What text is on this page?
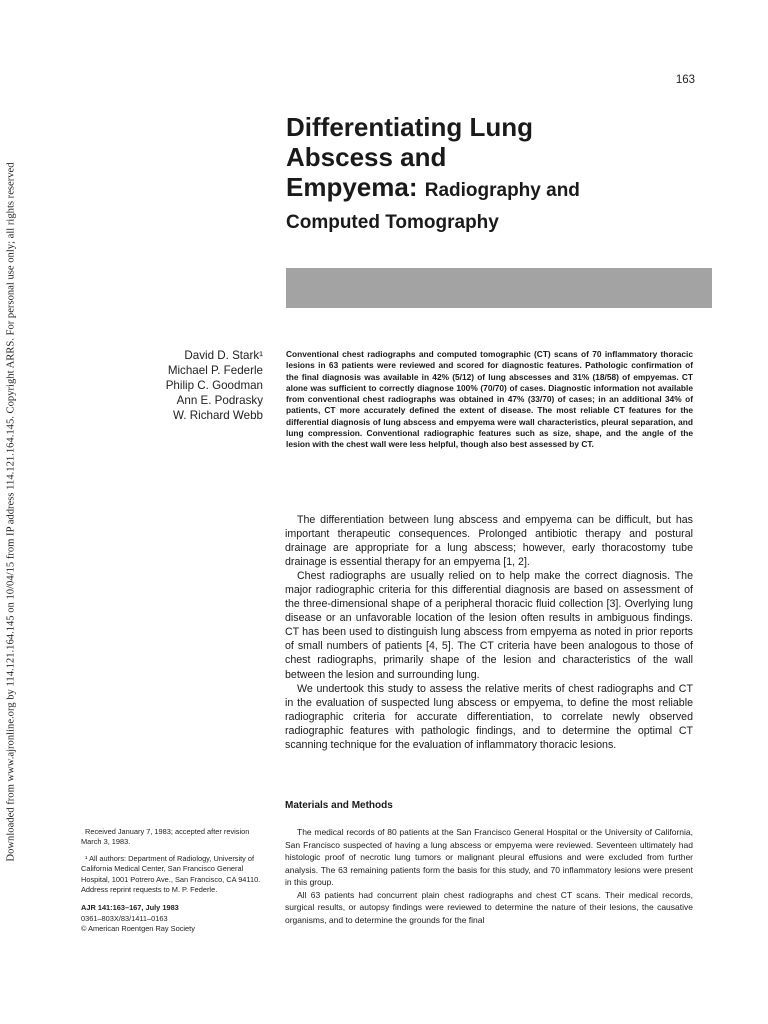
Downloaded from www.ajronline.org by 114.121.164.145 on 10/04/15 from IP address 114.121.164.145. Copyright ARRS. For personal use only; all rights reserved
163
Differentiating Lung
Abscess and
Empyema: Radiography and
Computed Tomography
David D. Stark¹
Michael P. Federle
Philip C. Goodman
Ann E. Podrasky
W. Richard Webb

Conventional chest radiographs and computed tomographic (CT) scans of 70 inflammatory thoracic lesions in 63 patients were reviewed and scored for diagnostic features. Pathologic confirmation of the final diagnosis was available in 42% (5/12) of lung abscesses and 31% (18/58) of empyemas. CT alone was sufficient to correctly diagnose 100% (70/70) of cases. Diagnostic information not available from conventional chest radiographs was obtained in 47% (33/70) of cases; in an additional 34% of patients, CT more accurately defined the extent of disease. The most reliable CT features for the differential diagnosis of lung abscess and empyema were wall characteristics, pleural separation, and lung compression. Conventional radiographic features such as size, shape, and the angle of the lesion with the chest wall were less helpful, though also best assessed by CT.

The differentiation between lung abscess and empyema can be difficult, but has important therapeutic consequences. Prolonged antibiotic therapy and postural drainage are appropriate for a lung abscess; however, early thoracostomy tube drainage is essential therapy for an empyema [1, 2].

Chest radiographs are usually relied on to help make the correct diagnosis. The major radiographic criteria for this differential diagnosis are based on assessment of the three-dimensional shape of a peripheral thoracic fluid collection [3]. Overlying lung disease or an unfavorable location of the lesion often results in ambiguous findings. CT has been used to distinguish lung abscess from empyema as noted in prior reports of small numbers of patients [4, 5]. The CT criteria have been analogous to those of chest radiographs, primarily shape of the lesion and characteristics of the wall between the lesion and surrounding lung.

We undertook this study to assess the relative merits of chest radiographs and CT in the evaluation of suspected lung abscess or empyema, to define the most reliable radiographic criteria for accurate differentiation, to correlate newly observed radiographic features with pathologic findings, and to determine the optimal CT scanning technique for the evaluation of inflammatory thoracic lesions.

Materials and Methods

The medical records of 80 patients at the San Francisco General Hospital or the University of California, San Francisco suspected of having a lung abscess or empyema were reviewed. Seventeen ultimately had histologic proof of necrotic lung tumors or malignant pleural effusions and were excluded from further analysis. The 63 remaining patients form the basis for this study, and 70 inflammatory lesions were present in this group.

All 63 patients had concurrent plain chest radiographs and chest CT scans. Their medical records, surgical results, or autopsy findings were reviewed to determine the nature of their lesions, the causative organisms, and to determine the grounds for the final

Received January 7, 1983; accepted after revision March 3, 1983.

¹ All authors: Department of Radiology, University of California Medical Center, San Francisco General Hospital, 1001 Potrero Ave., San Francisco, CA 94110. Address reprint requests to M. P. Federle.

AJR 141:163–167, July 1983
0361–803X/83/1411–0163
© American Roentgen Ray Society
